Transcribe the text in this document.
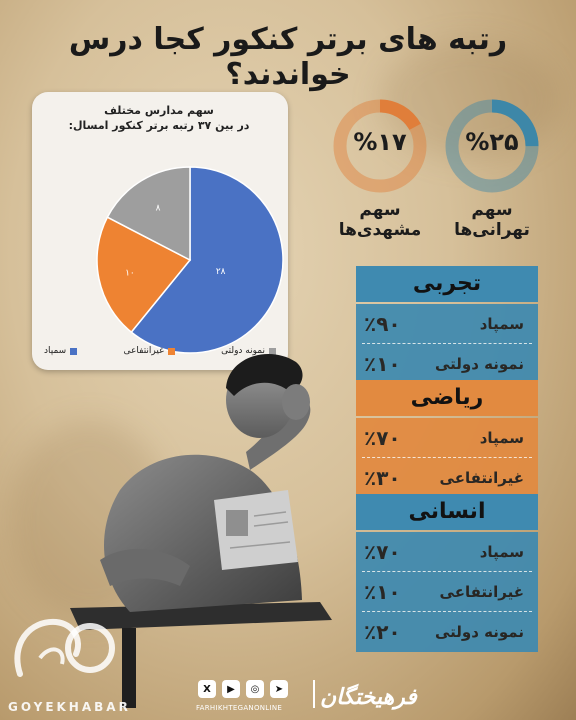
رتبه های برتر کنکور کجا درس خواندند؟
سهم مدارس مختلف
در بین ۳۷ رتبه برتر کنکور امسال:
۲۸
۱۰
۸
سمپاد	غیرانتفاعی	نمونه دولتی
%۲۵
سهم
تهرانی‌ها
%۱۷
سهم
مشهدی‌ها
تجربی
سمپاد
٪۹۰
نمونه دولتی
٪۱۰
ریاضی
سمپاد
٪۷۰
غیرانتفاعی
٪۳۰
انسانی
سمپاد
٪۷۰
غیرانتفاعی
٪۱۰
نمونه دولتی
٪۲۰
GOYEKHABAR
X	▶	◎	➤
FARHIKHTEGANONLINE فرهیختگان
